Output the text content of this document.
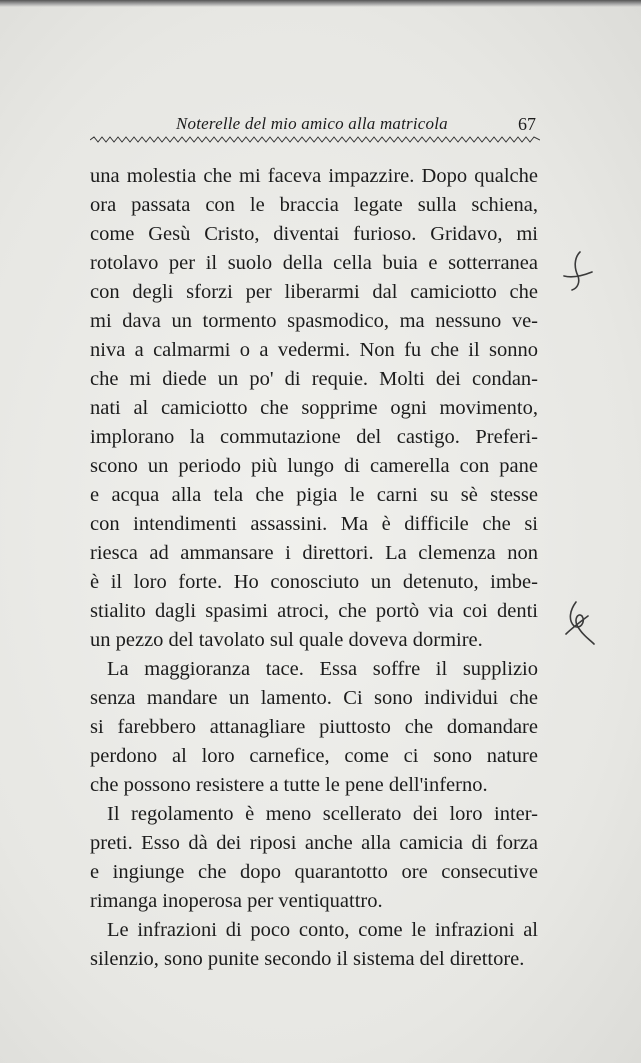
Noterelle del mio amico alla matricola	67
una molestia che mi faceva impazzire. Dopo qualche
ora passata con le braccia legate sulla schiena,
come Gesù Cristo, diventai furioso. Gridavo, mi
rotolavo per il suolo della cella buia e sotterranea
con degli sforzi per liberarmi dal camiciotto che
mi dava un tormento spasmodico, ma nessuno ve-
niva a calmarmi o a vedermi. Non fu che il sonno
che mi diede un po' di requie. Molti dei condan-
nati al camiciotto che sopprime ogni movimento,
implorano la commutazione del castigo. Preferi-
scono un periodo più lungo di camerella con pane
e acqua alla tela che pigia le carni su sè stesse
con intendimenti assassini. Ma è difficile che si
riesca ad ammansare i direttori. La clemenza non
è il loro forte. Ho conosciuto un detenuto, imbe-
stialito dagli spasimi atroci, che portò via coi denti
un pezzo del tavolato sul quale doveva dormire.
La maggioranza tace. Essa soffre il supplizio
senza mandare un lamento. Ci sono individui che
si farebbero attanagliare piuttosto che domandare
perdono al loro carnefice, come ci sono nature
che possono resistere a tutte le pene dell'inferno.
Il regolamento è meno scellerato dei loro inter-
preti. Esso dà dei riposi anche alla camicia di forza
e ingiunge che dopo quarantotto ore consecutive
rimanga inoperosa per ventiquattro.
Le infrazioni di poco conto, come le infrazioni al
silenzio, sono punite secondo il sistema del direttore.
